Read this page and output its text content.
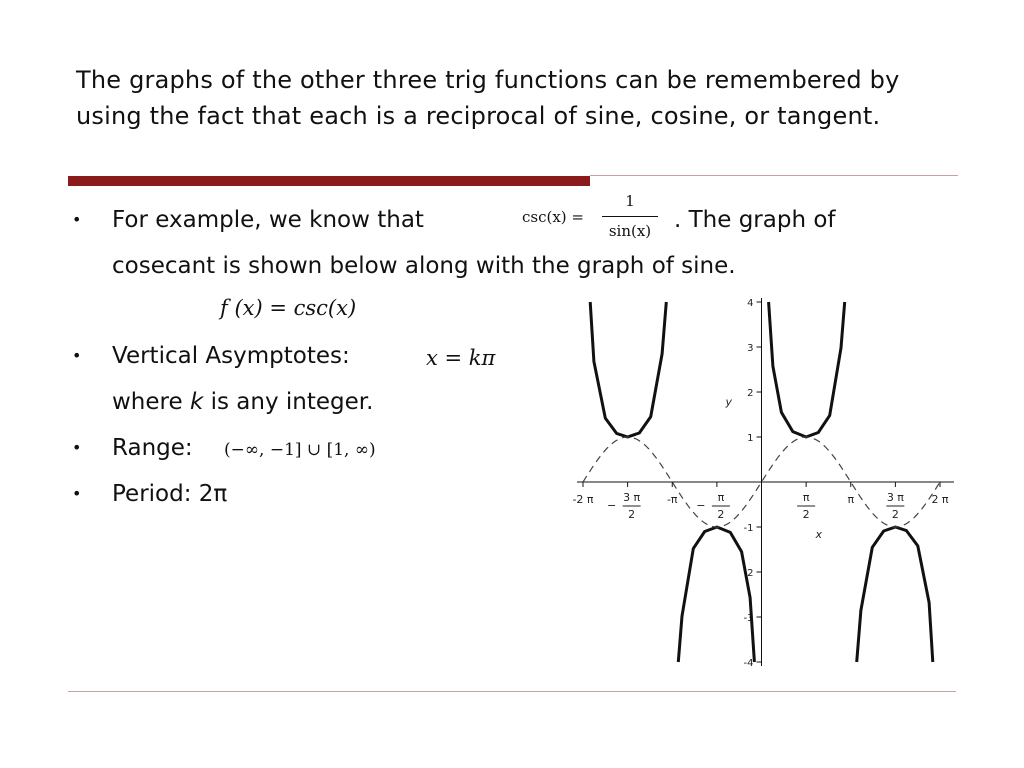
The graphs of the other three trig functions can be remembered by using the fact that each is a reciprocal of sine, cosine, or tangent.
• For example, we know that	csc(x) =
1
sin(x) . The graph of
cosecant is shown below along with the graph of sine.
f (x) = csc(x)
• Vertical Asymptotes:	x = kπ
where k is any integer.
• Range: (−∞, −1] ∪ [1, ∞)
• Period: 2π
4
3
2
1
-1
-2
-3
-4
y
-2 π −
3 π
2
-π −
π
2
π
2
π	3 π
2
2 π
x
